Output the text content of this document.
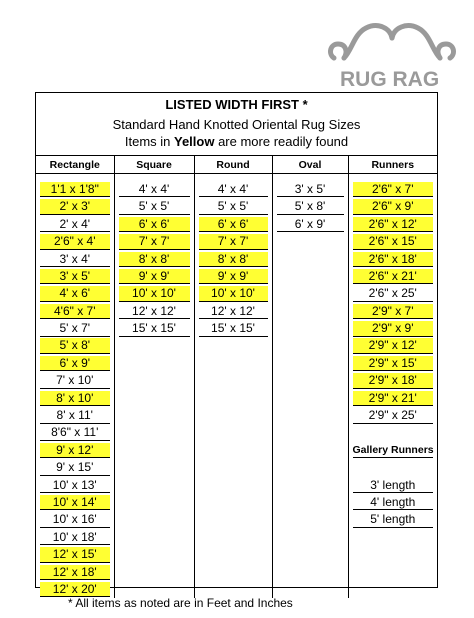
RUG RAG
LISTED WIDTH FIRST *
Standard Hand Knotted Oriental Rug Sizes
Items in Yellow are more readily found
Rectangle	Square	Round	Oval	Runners

1'1 x 1'8"	4' x 4'	4' x 4'	3' x 5'	2'6" x 7'

2' x 3'	5' x 5'	5' x 5'	5' x 8'	2'6" x 9'

2' x 4'	6' x 6'	6' x 6'	6' x 9'	2'6" x 12'

2'6" x 4'	7' x 7'	7' x 7'		2'6" x 15'

3' x 4'	8' x 8'	8' x 8'		2'6" x 18'

3' x 5'	9' x 9'	9' x 9'		2'6" x 21'

4' x 6'	10' x 10'	10' x 10'		2'6" x 25'

4'6" x 7'	12' x 12'	12' x 12'		2'9" x 7'

5' x 7'	15' x 15'	15' x 15'		2'9" x 9'

5' x 8'				2'9" x 12'

6' x 9'				2'9" x 15'

7' x 10'				2'9" x 18'

8' x 10'				2'9" x 21'

8' x 11'				2'9" x 25'

8'6" x 11'				

9' x 12'				Gallery Runners

9' x 15'				

10' x 13'				3' length

10' x 14'				4' length

10' x 16'				5' length

10' x 18'				

12' x 15'				

12' x 18'				

12' x 20'				

* All items as noted are in Feet and Inches
